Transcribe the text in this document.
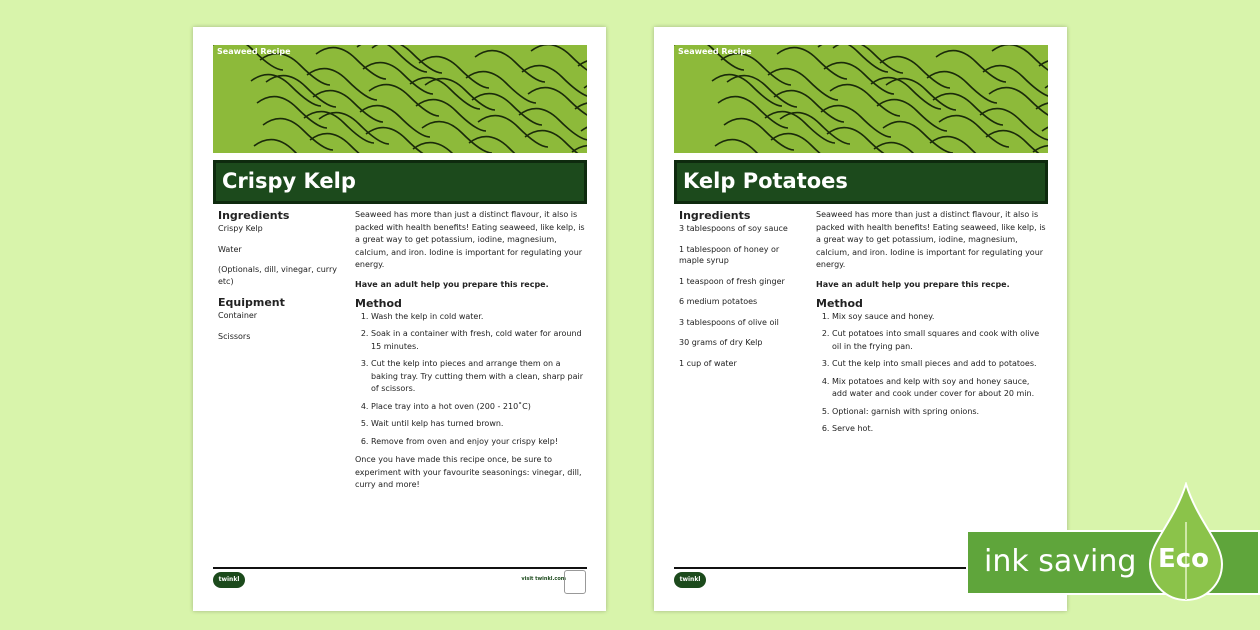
Seaweed Recipe
Crispy Kelp
Ingredients
Crispy Kelp
Water
(Optionals, dill, vinegar, curry etc)
Equipment
Container
Scissors

Seaweed has more than just a distinct flavour, it also is packed with health benefits! Eating seaweed, like kelp, is a great way to get potassium, iodine, magnesium, calcium, and iron. Iodine is important for regulating your energy.

Have an adult help you prepare this recpe.

Method
1. Wash the kelp in cold water.
2. Soak in a container with fresh, cold water for around 15 minutes.
3. Cut the kelp into pieces and arrange them on a baking tray. Try cutting them with a clean, sharp pair of scissors.
4. Place tray into a hot oven (200 - 210˚C)
5. Wait until kelp has turned brown.
6. Remove from oven and enjoy your crispy kelp!

Once you have made this recipe once, be sure to experiment with your favourite seasonings: vinegar, dill, curry and more!

twinkl	visit twinkl.com
Seaweed Recipe
Kelp Potatoes
Ingredients
3 tablespoons of soy sauce
1 tablespoon of honey or maple syrup
1 teaspoon of fresh ginger
6 medium potatoes
3 tablespoons of olive oil
30 grams of dry Kelp
1 cup of water

Seaweed has more than just a distinct flavour, it also is packed with health benefits! Eating seaweed, like kelp, is a great way to get potassium, iodine, magnesium, calcium, and iron. Iodine is important for regulating your energy.

Have an adult help you prepare this recpe.

Method
1. Mix soy sauce and honey.
2. Cut potatoes into small squares and cook with olive oil in the frying pan.
3. Cut the kelp into small pieces and add to potatoes.
4. Mix potatoes and kelp with soy and honey sauce, add water and cook under cover for about 20 min.
5. Optional: garnish with spring onions.
6. Serve hot.
twinkl
ink saving Eco
